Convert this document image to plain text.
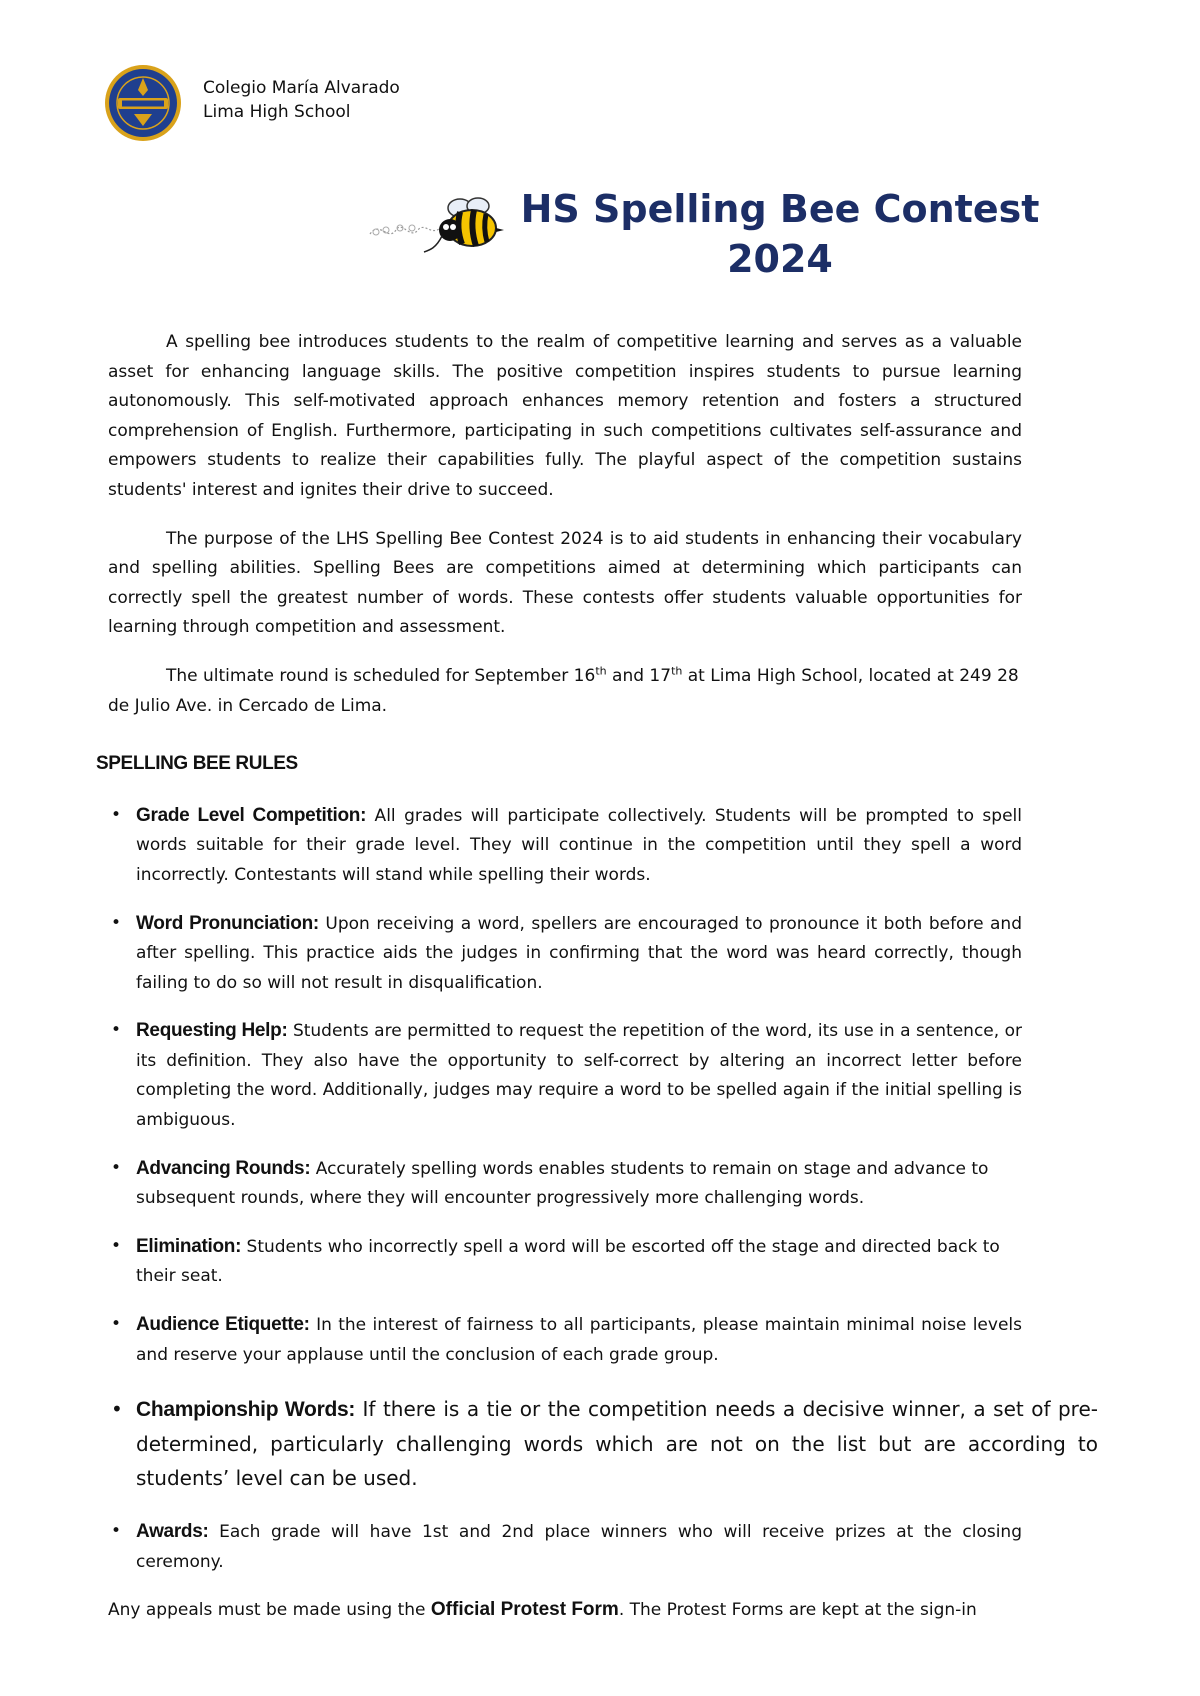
Colegio María Alvarado
Lima High School
HS Spelling Bee Contest
2024

A spelling bee introduces students to the realm of competitive learning and serves as a valuable asset for enhancing language skills. The positive competition inspires students to pursue learning autonomously. This self-motivated approach enhances memory retention and fosters a structured comprehension of English. Furthermore, participating in such competitions cultivates self-assurance and empowers students to realize their capabilities fully. The playful aspect of the competition sustains students' interest and ignites their drive to succeed.

The purpose of the LHS Spelling Bee Contest 2024 is to aid students in enhancing their vocabulary and spelling abilities. Spelling Bees are competitions aimed at determining which participants can correctly spell the greatest number of words. These contests offer students valuable opportunities for learning through competition and assessment.

The ultimate round is scheduled for September 16th and 17th at Lima High School, located at 249 28 de Julio Ave. in Cercado de Lima.

SPELLING BEE RULES
• Grade Level Competition: All grades will participate collectively. Students will be prompted to spell words suitable for their grade level. They will continue in the competition until they spell a word incorrectly. Contestants will stand while spelling their words.
• Word Pronunciation: Upon receiving a word, spellers are encouraged to pronounce it both before and after spelling. This practice aids the judges in confirming that the word was heard correctly, though failing to do so will not result in disqualification.
• Requesting Help: Students are permitted to request the repetition of the word, its use in a sentence, or its definition. They also have the opportunity to self-correct by altering an incorrect letter before completing the word. Additionally, judges may require a word to be spelled again if the initial spelling is ambiguous.
• Advancing Rounds: Accurately spelling words enables students to remain on stage and advance to subsequent rounds, where they will encounter progressively more challenging words.
• Elimination: Students who incorrectly spell a word will be escorted off the stage and directed back to their seat.
• Audience Etiquette: In the interest of fairness to all participants, please maintain minimal noise levels and reserve your applause until the conclusion of each grade group.
• Championship Words: If there is a tie or the competition needs a decisive winner, a set of pre-determined, particularly challenging words which are not on the list but are according to students’ level can be used.
• Awards: Each grade will have 1st and 2nd place winners who will receive prizes at the closing ceremony.

Any appeals must be made using the Official Protest Form. The Protest Forms are kept at the sign-in
